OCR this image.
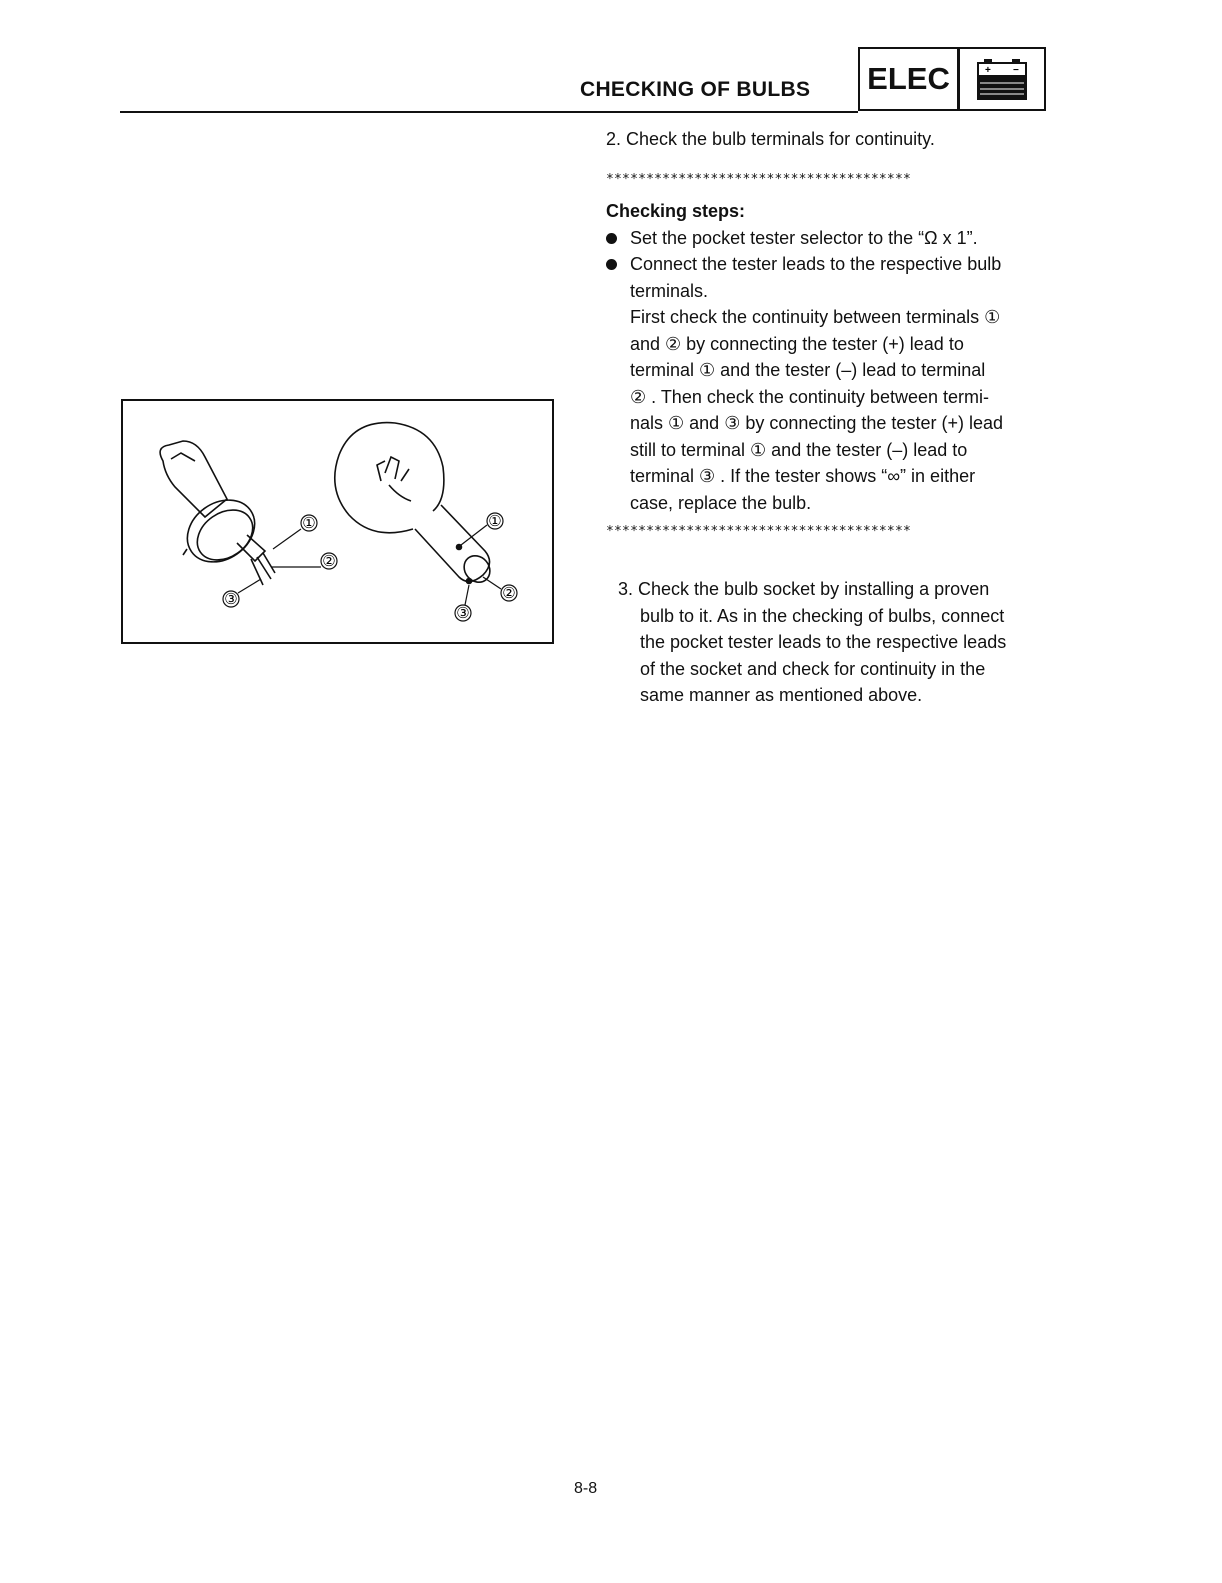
CHECKING OF BULBS ELEC	+ −
2. Check the bulb terminals for continuity.
**************************************
Checking steps:
Set the pocket tester selector to the “Ω x 1”.
Connect the tester leads to the respective bulb
terminals.
First check the continuity between terminals ①
and ② by connecting the tester (+) lead to
terminal ① and the tester (–) lead to terminal
② . Then check the continuity between termi-
nals ① and ③ by connecting the tester (+) lead
still to terminal ① and the tester (–) lead to
terminal ③ . If the tester shows “∞” in either
case, replace the bulb.
**************************************
3. Check the bulb socket by installing a proven
bulb to it. As in the checking of bulbs, connect
the pocket tester leads to the respective leads
of the socket and check for continuity in the
same manner as mentioned above.
①
②
③
①
②
③
8-8
